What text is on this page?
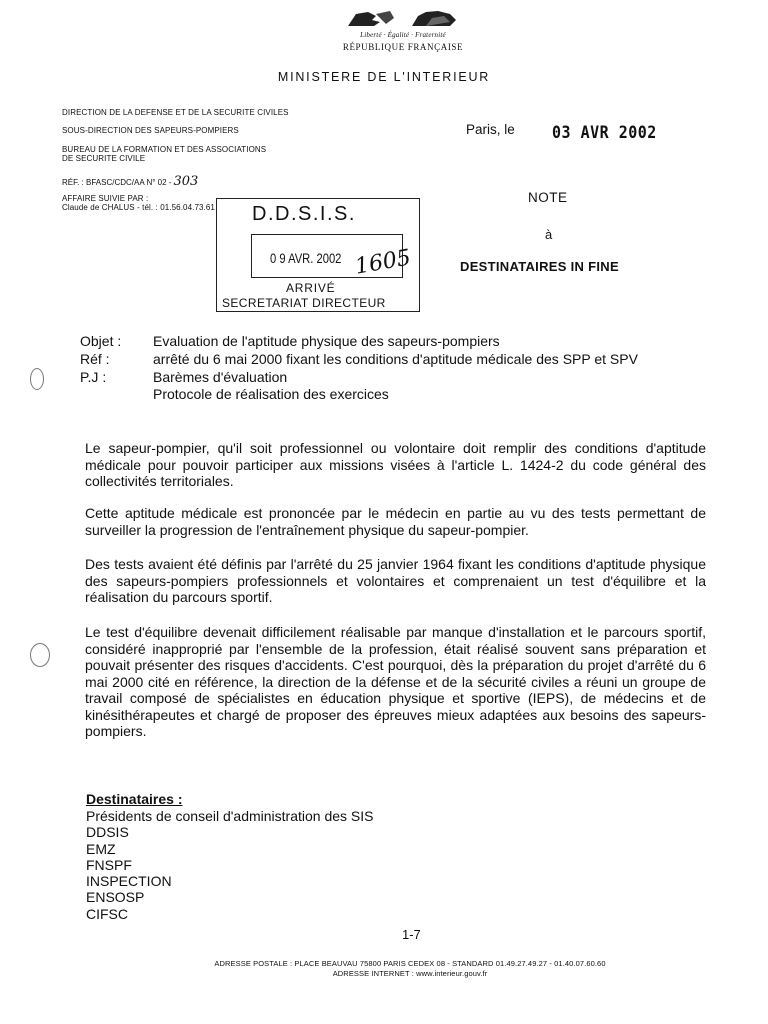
Liberté · Égalité · Fraternité
RÉPUBLIQUE FRANÇAISE
MINISTERE DE L'INTERIEUR
DIRECTION DE LA DEFENSE ET DE LA SECURITE CIVILES
SOUS-DIRECTION DES SAPEURS-POMPIERS
BUREAU DE LA FORMATION ET DES ASSOCIATIONS
DE SECURITE CIVILE
RÉF. : BFASC/CDC/AA N° 02 - 303
AFFAIRE SUIVIE PAR :
Claude de CHALUS - tél. : 01.56.04.73.61
Paris, le 03 AVR 2002
NOTE
à
DESTINATAIRES IN FINE
D.D.S.I.S.
0 9 AVR. 2002 1605
ARRIVÉ
SECRETARIAT DIRECTEUR
Objet : Evaluation de l'aptitude physique des sapeurs-pompiers
Réf :	arrêté du 6 mai 2000 fixant les conditions d'aptitude médicale des SPP et SPV
P.J :	Barèmes d'évaluation
Protocole de réalisation des exercices
Le sapeur-pompier, qu'il soit professionnel ou volontaire doit remplir des conditions d'aptitude médicale pour pouvoir participer aux missions visées à l'article L. 1424-2 du code général des collectivités territoriales.
Cette aptitude médicale est prononcée par le médecin en partie au vu des tests permettant de surveiller la progression de l'entraînement physique du sapeur-pompier.
Des tests avaient été définis par l'arrêté du 25 janvier 1964 fixant les conditions d'aptitude physique des sapeurs-pompiers professionnels et volontaires et comprenaient un test d'équilibre et la réalisation du parcours sportif.
Le test d'équilibre devenait difficilement réalisable par manque d'installation et le parcours sportif, considéré inapproprié par l'ensemble de la profession, était réalisé souvent sans préparation et pouvait présenter des risques d'accidents. C'est pourquoi, dès la préparation du projet d'arrêté du 6 mai 2000 cité en référence, la direction de la défense et de la sécurité civiles a réuni un groupe de travail composé de spécialistes en éducation physique et sportive (IEPS), de médecins et de kinésithérapeutes et chargé de proposer des épreuves mieux adaptées aux besoins des sapeurs-pompiers.
Destinataires :
Présidents de conseil d'administration des SIS
DDSIS
EMZ
FNSPF
INSPECTION
ENSOSP
CIFSC
1-7
ADRESSE POSTALE : PLACE BEAUVAU 75800 PARIS CEDEX 08 - STANDARD 01.49.27.49.27 - 01.40.07.60.60
ADRESSE INTERNET : www.interieur.gouv.fr
